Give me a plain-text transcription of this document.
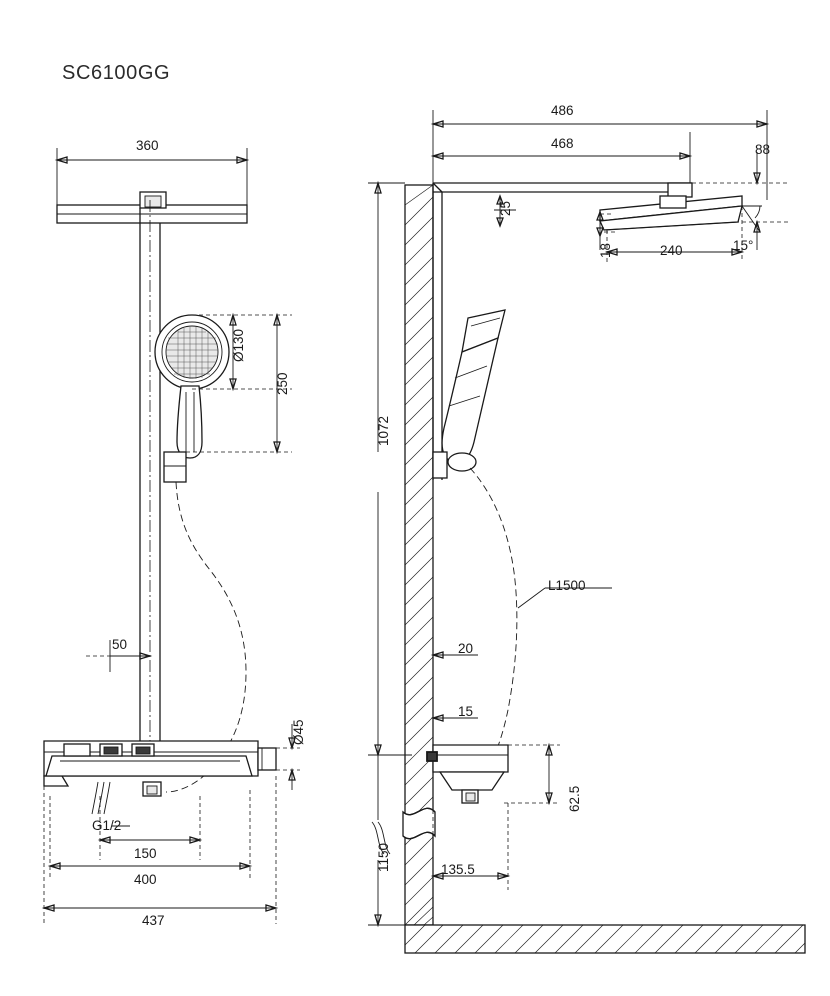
SC6100GG
360
Ø130
250
50
Ø45
G1/2
150
400
437
486
468	88
25
18	240	15°
1072
L1500
20
15
62.5
1150	135.5
